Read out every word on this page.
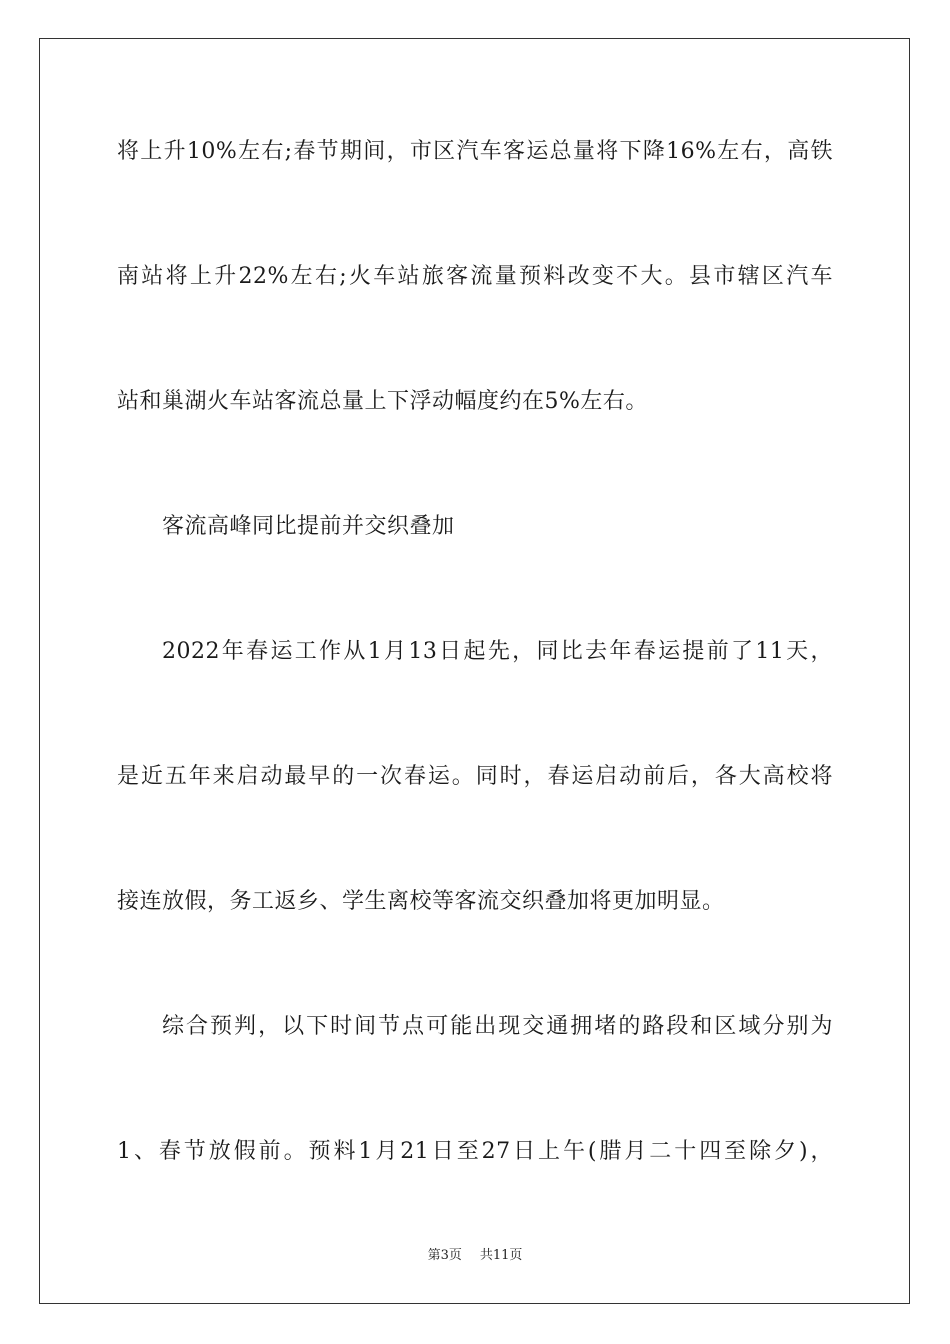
将上升10%左右;春节期间，市区汽车客运总量将下降16%左右，高铁
南站将上升22%左右;火车站旅客流量预料改变不大。县市辖区汽车
站和巢湖火车站客流总量上下浮动幅度约在5%左右。
客流高峰同比提前并交织叠加
2022年春运工作从1月13日起先，同比去年春运提前了11天，
是近五年来启动最早的一次春运。同时，春运启动前后，各大高校将
接连放假，务工返乡、学生离校等客流交织叠加将更加明显。
综合预判，以下时间节点可能出现交通拥堵的路段和区域分别为
1、春节放假前。预料1月21日至27日上午(腊月二十四至除夕)，
第3页 共11页
